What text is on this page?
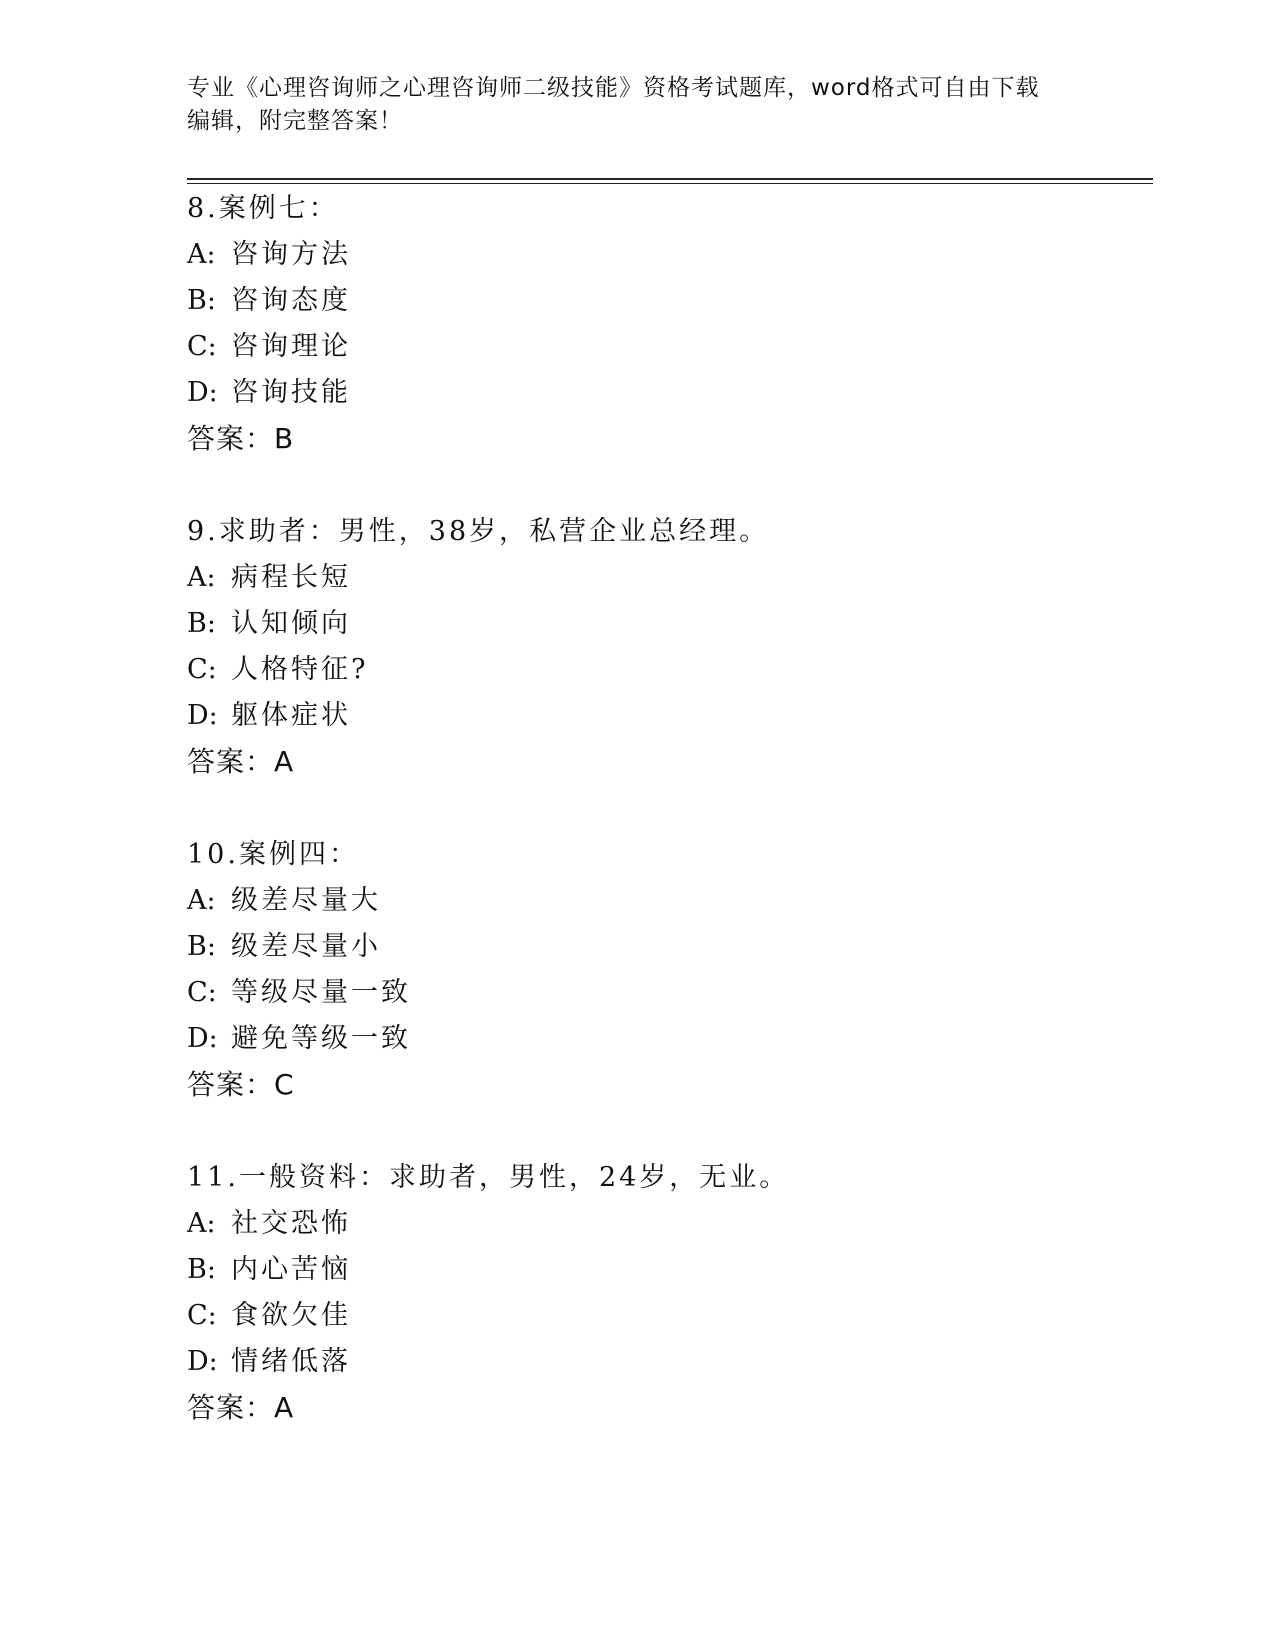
专业《心理咨询师之心理咨询师二级技能》资格考试题库，word格式可自由下载

编辑，附完整答案！

8.案例七：
A: 咨询方法
B: 咨询态度
C: 咨询理论
D: 咨询技能
答案：B
9.求助者：男性，38岁，私营企业总经理。
A: 病程长短
B: 认知倾向
C: 人格特征?
D: 躯体症状
答案：A
10.案例四：
A: 级差尽量大
B: 级差尽量小
C: 等级尽量一致
D: 避免等级一致
答案：C
11.一般资料：求助者，男性，24岁，无业。
A: 社交恐怖
B: 内心苦恼
C: 食欲欠佳
D: 情绪低落
答案：A
